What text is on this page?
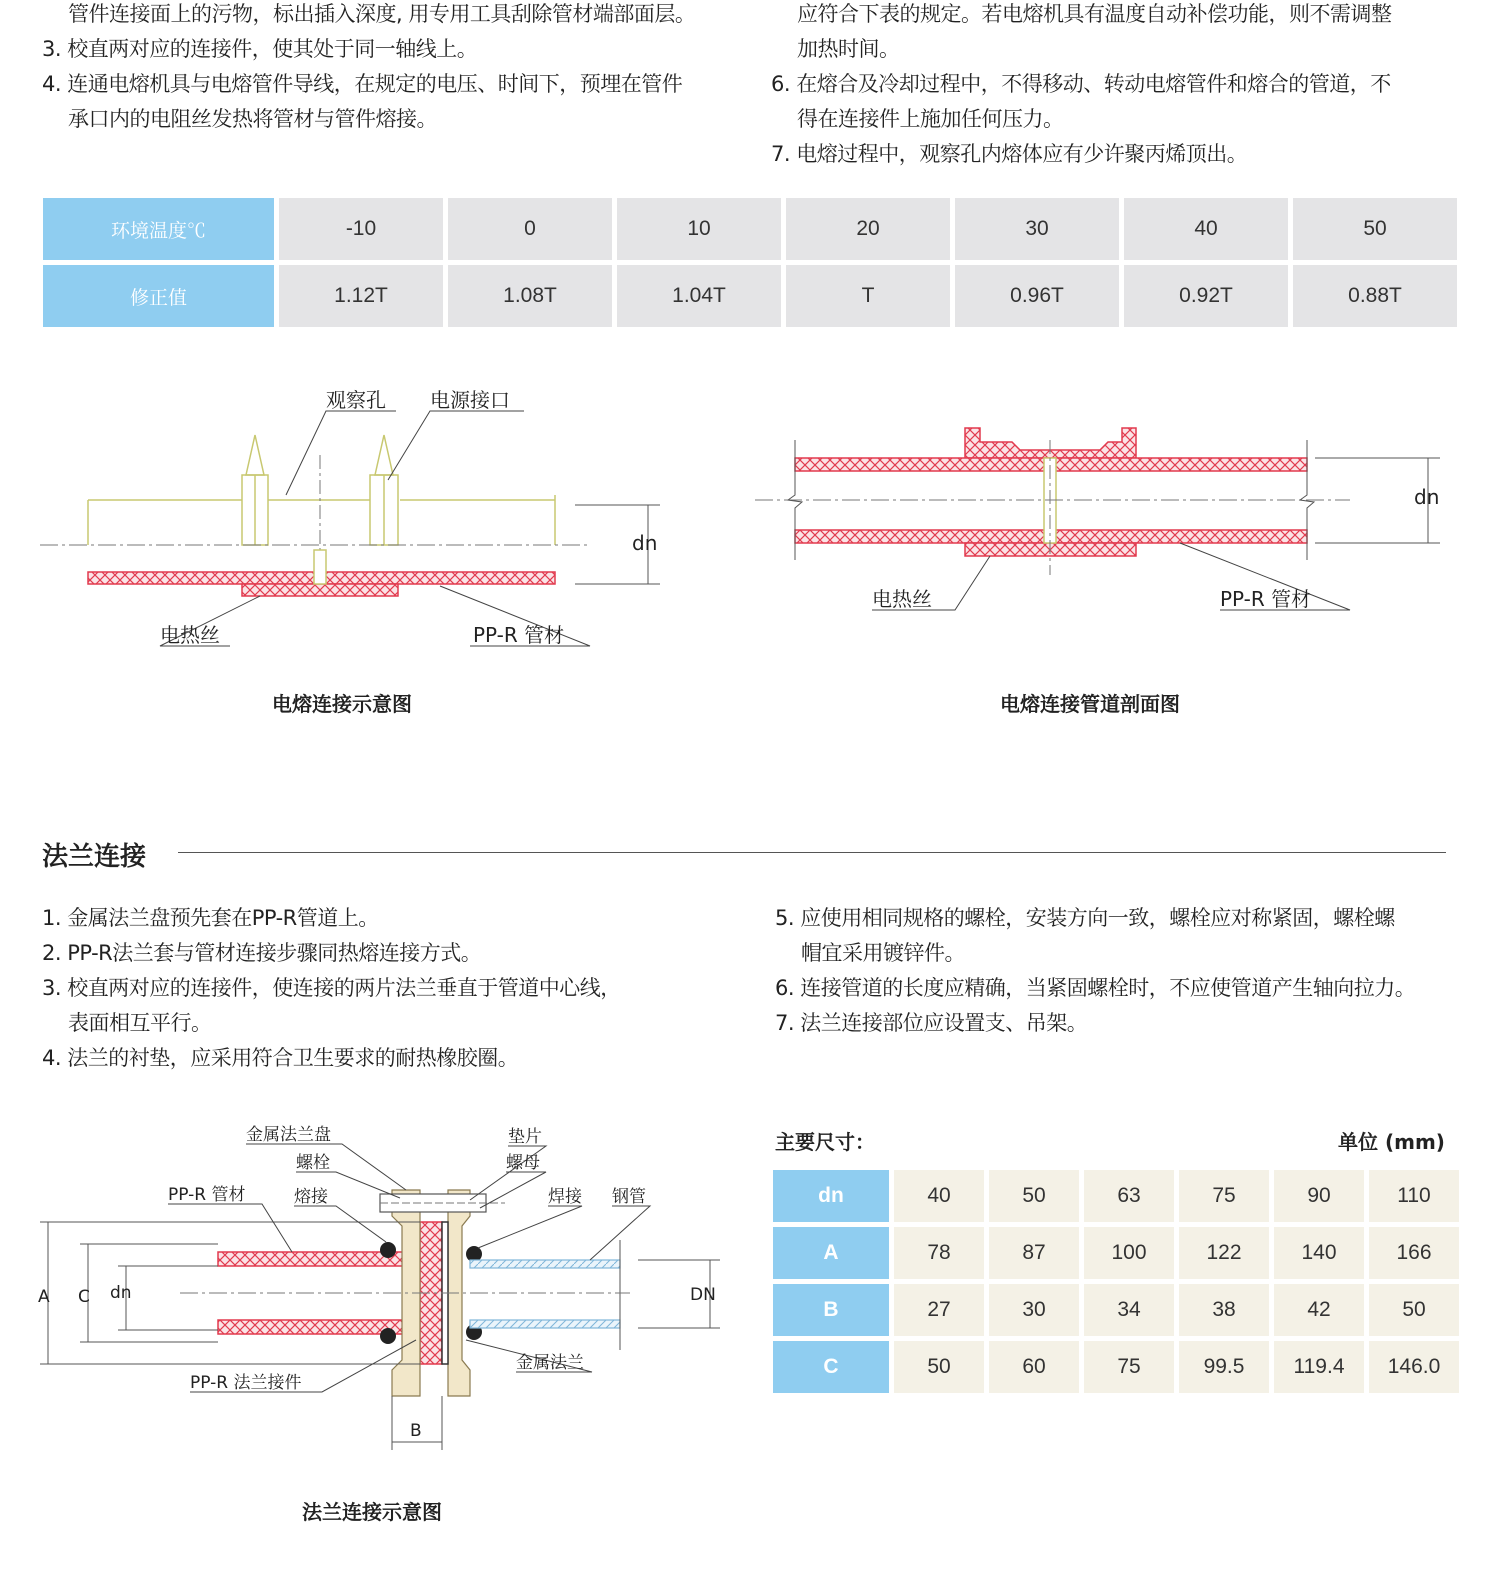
管件连接面上的污物，标出插入深度, 用专用工具刮除管材端部面层。

3. 校直两对应的连接件，使其处于同一轴线上。

4. 连通电熔机具与电熔管件导线，在规定的电压、时间下，预埋在管件

承口内的电阻丝发热将管材与管件熔接。

应符合下表的规定。若电熔机具有温度自动补偿功能，则不需调整

加热时间。

6. 在熔合及冷却过程中，不得移动、转动电熔管件和熔合的管道，不

得在连接件上施加任何压力。

7. 电熔过程中，观察孔内熔体应有少许聚丙烯顶出。

环境温度℃	-10	0	10	20	30	40	50
修正值	1.12T	1.08T	1.04T	T	0.96T	0.92T	0.88T
dn
观察孔 电源接口
电热丝	PP-R 管材
电熔连接示意图
dn
电热丝	PP-R 管材
电熔连接管道剖面图
法兰连接

1. 金属法兰盘预先套在PP-R管道上。

2. PP-R法兰套与管材连接步骤同热熔连接方式。

3. 校直两对应的连接件，使连接的两片法兰垂直于管道中心线，

表面相互平行。

4. 法兰的衬垫，应采用符合卫生要求的耐热橡胶圈。

5. 应使用相同规格的螺栓，安装方向一致，螺栓应对称紧固，螺栓螺

帽宜采用镀锌件。

6. 连接管道的长度应精确，当紧固螺栓时，不应使管道产生轴向拉力。

7. 法兰连接部位应设置支、吊架。

A C dn	DN
B
金属法兰盘
螺栓
PP-R 管材	熔接
垫片
螺母
焊接 钢管
金属法兰
PP-R 法兰接件
法兰连接示意图
主要尺寸：	单位 (mm)
dn	40	50	63	75	90	110
A	78	87	100	122	140	166
B	27	30	34	38	42	50
C	50	60	75	99.5	119.4	146.0
